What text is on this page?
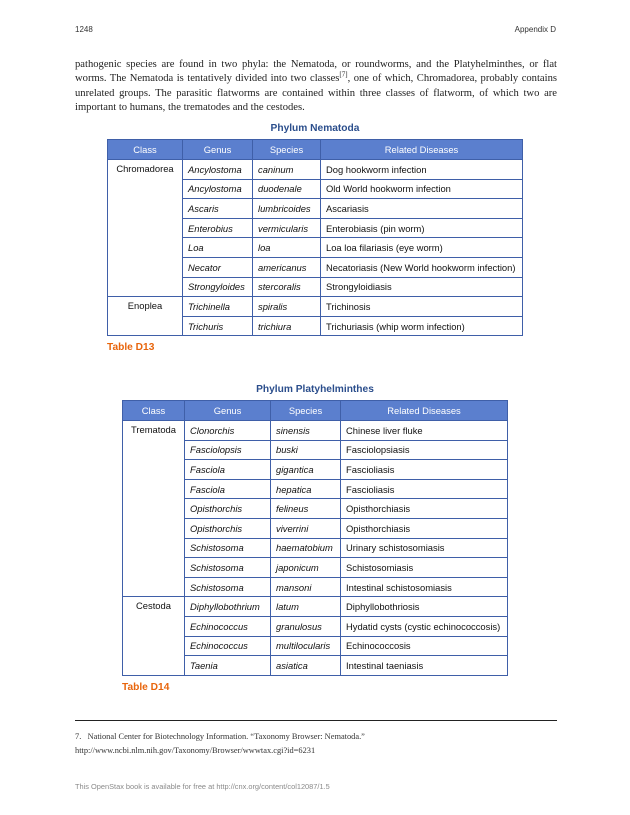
1248	Appendix D
pathogenic species are found in two phyla: the Nematoda, or roundworms, and the Platyhelminthes, or flat worms. The Nematoda is tentatively divided into two classes[7], one of which, Chromadorea, probably contains unrelated groups. The parasitic flatworms are contained within three classes of flatworm, of which two are important to humans, the trematodes and the cestodes.
Phylum Nematoda
Class	Genus	Species	Related Diseases
Chromadorea	Ancylostoma	caninum	Dog hookworm infection
	Ancylostoma	duodenale	Old World hookworm infection
	Ascaris	lumbricoides	Ascariasis
	Enterobius	vermicularis	Enterobiasis (pin worm)
	Loa	loa	Loa loa filariasis (eye worm)
	Necator	americanus	Necatoriasis (New World hookworm infection)
	Strongyloides	stercoralis	Strongyloidiasis
Enoplea	Trichinella	spiralis	Trichinosis
	Trichuris	trichiura	Trichuriasis (whip worm infection)
Table D13
Phylum Platyhelminthes
Class	Genus	Species	Related Diseases
Trematoda	Clonorchis	sinensis	Chinese liver fluke
	Fasciolopsis	buski	Fasciolopsiasis
	Fasciola	gigantica	Fascioliasis
	Fasciola	hepatica	Fascioliasis
	Opisthorchis	felineus	Opisthorchiasis
	Opisthorchis	viverrini	Opisthorchiasis
	Schistosoma	haematobium	Urinary schistosomiasis
	Schistosoma	japonicum	Schistosomiasis
	Schistosoma	mansoni	Intestinal schistosomiasis
Cestoda	Diphyllobothrium	latum	Diphyllobothriosis
	Echinococcus	granulosus	Hydatid cysts (cystic echinococcosis)
	Echinococcus	multilocularis	Echinococcosis
	Taenia	asiatica	Intestinal taeniasis
Table D14
7.   National Center for Biotechnology Information. “Taxonomy Browser: Nematoda.” http://www.ncbi.nlm.nih.gov/Taxonomy/Browser/wwwtax.cgi?id=6231
This OpenStax book is available for free at http://cnx.org/content/col12087/1.5
